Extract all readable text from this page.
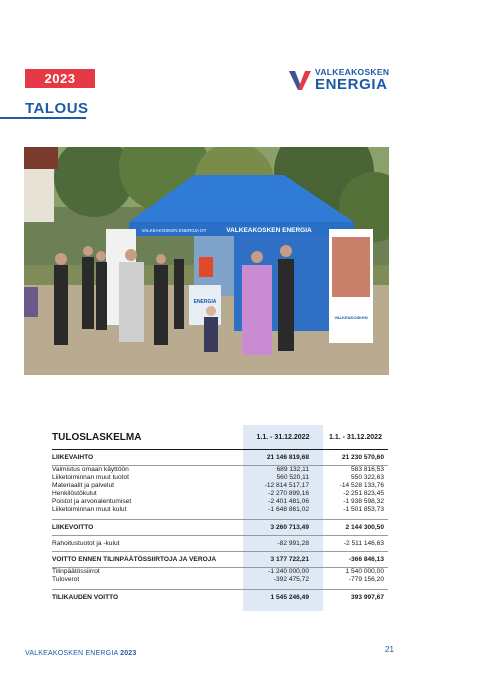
2023
TALOUS
VALKEAKOSKEN
ENERGIA
VALKEAKOSKEN ENERGIA
VALKEAKOSKEN ENERGIA OY
VALKEAKOSKEN
ENERGIA
TULOSLASKELMA	1.1. - 31.12.2022	1.1. - 31.12.2022
LIIKEVAIHTO	21 146 819,68	21 230 570,60
Valmistus omaan käyttöön	689 132,11	583 816,53
Liiketoiminnan muut tuotot	560 520,11	550 322,63
Materiaalit ja palvelut	-12 814 517,17	-14 528 133,76
Henkilöstökulut	-2 270 899,16	-2 251 823,45
Poistot ja arvonalentumiset	-2 401 481,06	-1 938 598,32
Liiketoiminnan muut kulut	-1 648 861,02	-1 501 853,73

LIIKEVOITTO	3 260 713,49	2 144 300,50
Rahoitustuotot ja -kulut	-82 991,28	-2 511 146,63
VOITTO ENNEN TILINPÄÄTÖSSIIRTOJA JA VEROJA	3 177 722,21	-366 846,13
Tilinpäätössiirrot	-1 240 000,00	1 540 000,00
Tuloverot	-392 475,72	-779 156,20

TILIKAUDEN VOITTO	1 545 246,49	393 997,67
VALKEAKOSKEN ENERGIA 2023	21
